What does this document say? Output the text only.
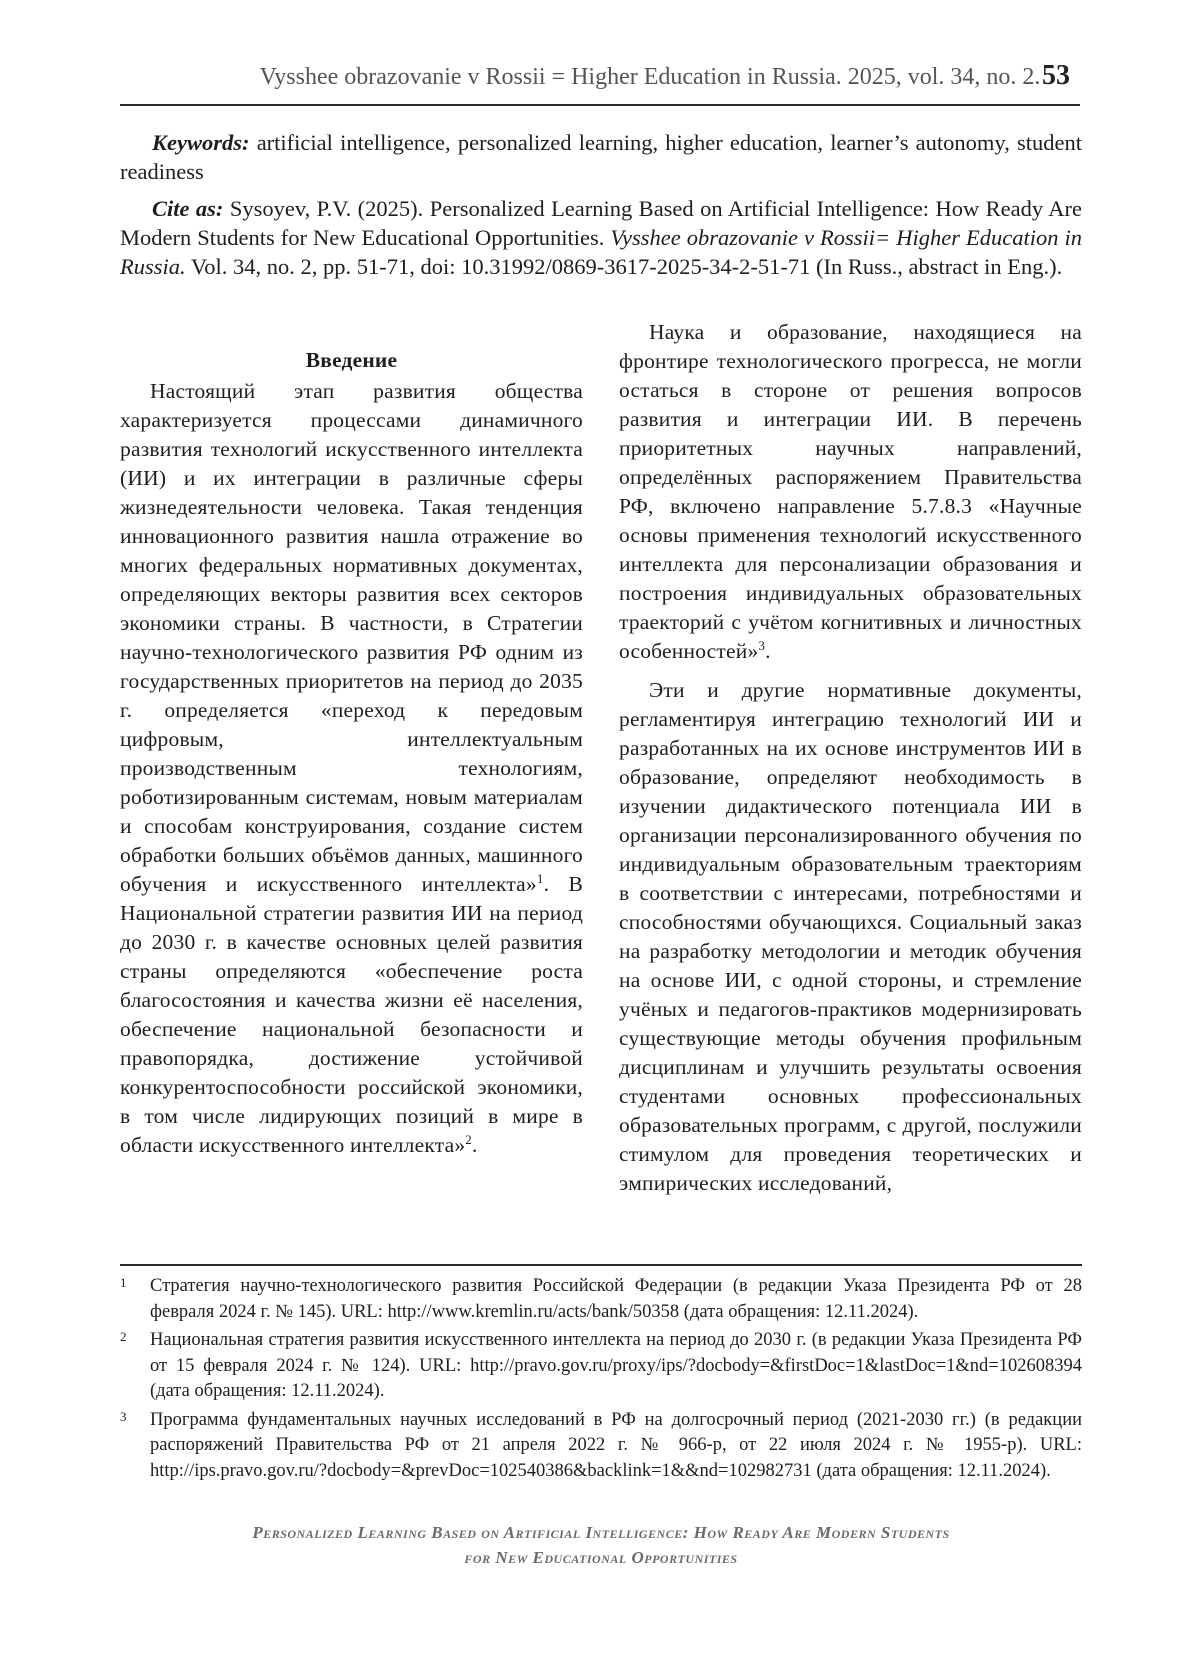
Vysshee obrazovanie v Rossii = Higher Education in Russia. 2025, vol. 34, no. 2. 53

Keywords: artificial intelligence, personalized learning, higher education, learner’s autonomy, student readiness

Cite as: Sysoyev, P.V. (2025). Personalized Learning Based on Artificial Intelligence: How Ready Are Modern Students for New Educational Opportunities. Vysshee obrazovanie v Rossii= Higher Education in Russia. Vol. 34, no. 2, pp. 51-71, doi: 10.31992/0869-3617-2025-34-2-51-71 (In Russ., abstract in Eng.).

Введение

Настоящий этап развития общества характеризуется процессами динамичного развития технологий искусственного интеллекта (ИИ) и их интеграции в различные сферы жизнедеятельности человека. Такая тенденция инновационного развития нашла отражение во многих федеральных нормативных документах, определяющих векторы развития всех секторов экономики страны. В частности, в Стратегии научно-технологического развития РФ одним из государственных приоритетов на период до 2035 г. определяется «переход к передовым цифровым, интеллектуальным производственным технологиям, роботизированным системам, новым материалам и способам конструирования, создание систем обработки больших объёмов данных, машинного обучения и искусственного интеллекта»$^1$. В Национальной стратегии развития ИИ на период до 2030 г. в качестве основных целей развития страны определяются «обеспечение роста благосостояния и качества жизни её населения, обеспечение национальной безопасности и правопорядка, достижение устойчивой конкурентоспособности российской экономики, в том числе лидирующих позиций в мире в области искусственного интеллекта»$^2$.

Наука и образование, находящиеся на фронтире технологического прогресса, не могли остаться в стороне от решения вопросов развития и интеграции ИИ. В перечень приоритетных научных направлений, определённых распоряжением Правительства РФ, включено направление 5.7.8.3 «Научные основы применения технологий искусственного интеллекта для персонализации образования и построения индивидуальных образовательных траекторий с учётом когнитивных и личностных особенностей»$^3$.

Эти и другие нормативные документы, регламентируя интеграцию технологий ИИ и разработанных на их основе инструментов ИИ в образование, определяют необходимость в изучении дидактического потенциала ИИ в организации персонализированного обучения по индивидуальным образовательным траекториям в соответствии с интересами, потребностями и способностями обучающихся. Социальный заказ на разработку методологии и методик обучения на основе ИИ, с одной стороны, и стремление учёных и педагогов-практиков модернизировать существующие методы обучения профильным дисциплинам и улучшить результаты освоения студентами основных профессиональных образовательных программ, с другой, послужили стимулом для проведения теоретических и эмпирических исследований,

1 Стратегия научно-технологического развития Российской Федерации (в редакции Указа Президента РФ от 28 февраля 2024 г. № 145). URL: http://www.kremlin.ru/acts/bank/50358 (дата обращения: 12.11.2024).
2 Национальная стратегия развития искусственного интеллекта на период до 2030 г. (в редакции Указа Президента РФ от 15 февраля 2024 г. № 124). URL: http://pravo.gov.ru/proxy/ips/?docbody=&firstDoc=1&lastDoc=1&nd=102608394 (дата обращения: 12.11.2024).
3 Программа фундаментальных научных исследований в РФ на долгосрочный период (2021-2030 гг.) (в редакции распоряжений Правительства РФ от 21 апреля 2022 г. № 966-р, от 22 июля 2024 г. № 1955-р). URL: http://ips.pravo.gov.ru/?docbody=&prevDoc=102540386&backlink=1&&nd=102982731 (дата обращения: 12.11.2024).
Personalized Learning Based on Artificial Intelligence: How Ready Are Modern Students
for New Educational Opportunities
